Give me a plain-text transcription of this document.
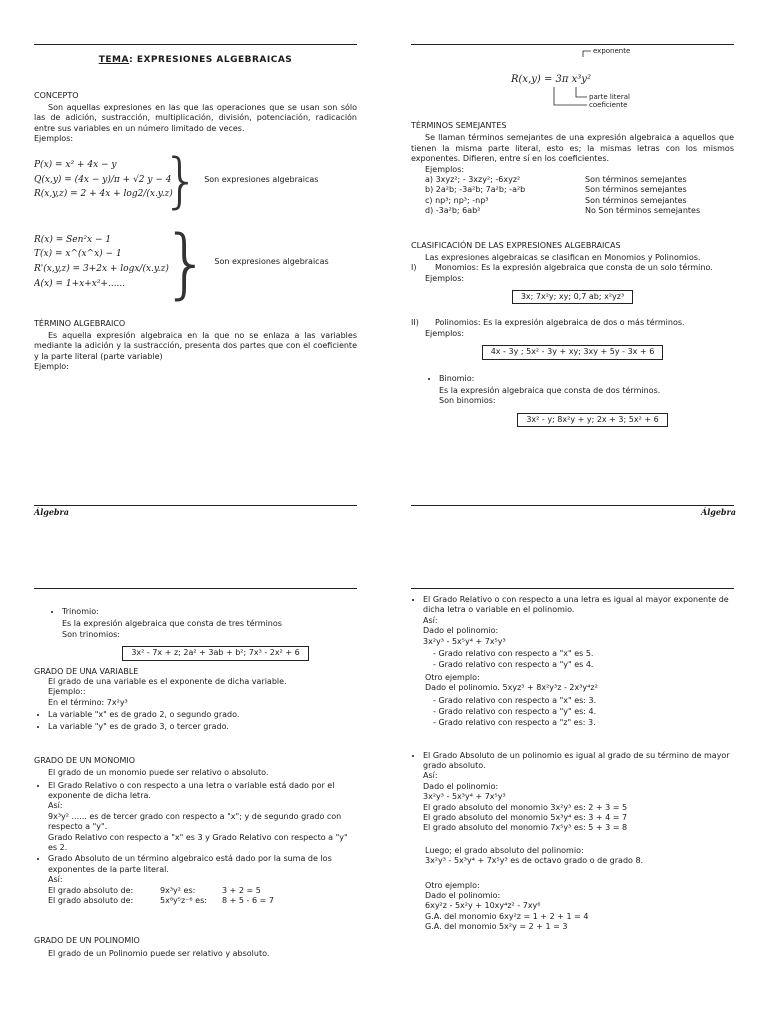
TEMA: EXPRESIONES ALGEBRAICAS
CONCEPTO
Son aquellas expresiones en las que las operaciones que se usan son sólo las de adición, sustracción, multiplicación, división, potenciación, radicación entre sus variables en un número limitado de veces.
Ejemplos:
P(x) = x² + 4x − y
Q(x,y) = (4x − y)/π + √2 y − 4
R(x,y,z) = 2 + 4x + log2/(x.y.z)
} Son expresiones algebraicas
R(x) = Sen²x − 1
T(x) = x^(x^x) − 1
R'(x,y,z) = 3+2x + logx/(x.y.z)
A(x) = 1+x+x²+...... } Son expresiones algebraicas
TÉRMINO ALGEBRAICO
Es aquella expresión algebraica en la que no se enlaza a las variables mediante la adición y la sustracción, presenta dos partes que con el coeficiente y la parte literal (parte variable)
Ejemplo:
Álgebra
R(x,y) = 3π x³y²
exponente
parte literal
coeficiente
TÉRMINOS SEMEJANTES
Se llaman términos semejantes de una expresión algebraica a aquellos que tienen la misma parte literal, esto es; la mismas letras con los mismos exponentes. Difieren, entre sí en los coeficientes.
Ejemplos:
a) 3xyz²; - 3xzy²; -6xyz²	Son términos semejantes
b) 2a²b; -3a²b; 7a²b; -a²b	Son términos semejantes
c) np³; np³; -np³	Son términos semejantes
d) -3a²b; 6ab²	No Son términos semejantes
CLASIFICACIÓN DE LAS EXPRESIONES ALGEBRAICAS
Las expresiones algebraicas se clasifican en Monomios y Polinomios.
I)	Monomios: Es la expresión algebraica que consta de un solo término.
Ejemplos:
3x; 7x²y; xy; 0,7 ab; x²yz³
II)	Polinomios: Es la expresión algebraica de dos o más términos.
Ejemplos:
4x - 3y ; 5x² - 3y + xy; 3xy + 5y - 3x + 6
• Binomio:
Es la expresión algebraica que consta de dos términos.
Son binomios:
3x² - y; 8x²y + y; 2x + 3; 5x² + 6
Álgebra
• Trinomio:
Es la expresión algebraica que consta de tres términos
Son trinomios:
3x² - 7x + z; 2a² + 3ab + b²; 7x³ - 2x² + 6
GRADO DE UNA VARIABLE
El grado de una variable es el exponente de dicha variable.
Ejemplo::
En el término: 7x²y³
• La variable "x" es de grado 2, o segundo grado.
• La variable "y" es de grado 3, o tercer grado.
GRADO DE UN MONOMIO
El grado de un monomio puede ser relativo o absoluto.
• El Grado Relativo o con respecto a una letra o variable está dado por el exponente de dicha letra.
Así:
9x³y² ...... es de tercer grado con respecto a "x"; y de segundo grado con respecto a "y".
Grado Relativo con respecto a "x" es 3 y Grado Relativo con respecto a "y" es 2.
• Grado Absoluto de un término algebraico está dado por la suma de los exponentes de la parte literal.
Así:
El grado absoluto de:	9x³y² es:	3 + 2 = 5
El grado absoluto de:	5x⁸y⁵z⁻⁶ es:	8 + 5 - 6 = 7
GRADO DE UN POLINOMIO
El grado de un Polinomio puede ser relativo y absoluto.
• El Grado Relativo o con respecto a una letra es igual al mayor exponente de dicha letra o variable en el polinomio.
Así:
Dado el polinomio:
3x²y³ - 5x⁵y⁴ + 7x⁵y³
- Grado relativo con respecto a "x" es 5.
- Grado relativo con respecto a "y" es 4.
Otro ejemplo:
Dado el polinomio. 5xyz³ + 8x²y³z - 2x³y⁴z²
- Grado relativo con respecto a "x" es: 3.
- Grado relativo con respecto a "y" es: 4.
- Grado relativo con respecto a "z" es: 3.
• El Grado Absoluto de un polinomio es igual al grado de su término de mayor grado absoluto.
Así:
Dado el polinomio:
3x²y³ - 5x³y⁴ + 7x⁵y³
El grado absoluto del monomio 3x²y³ es: 2 + 3 = 5
El grado absoluto del monomio 5x³y⁴ es: 3 + 4 = 7
El grado absoluto del monomio 7x⁵y³ es: 5 + 3 = 8
Luego; el grado absoluto del polinomio:
3x²y³ - 5x³y⁴ + 7x⁵y³ es de octavo grado o de grado 8.
Otro ejemplo:
Dado el polinomio:
6xy²z - 5x²y + 10xy⁴z² - 7xy⁶
G.A. del monomio 6xy²z = 1 + 2 + 1 = 4
G.A. del monomio 5x²y = 2 + 1 = 3
